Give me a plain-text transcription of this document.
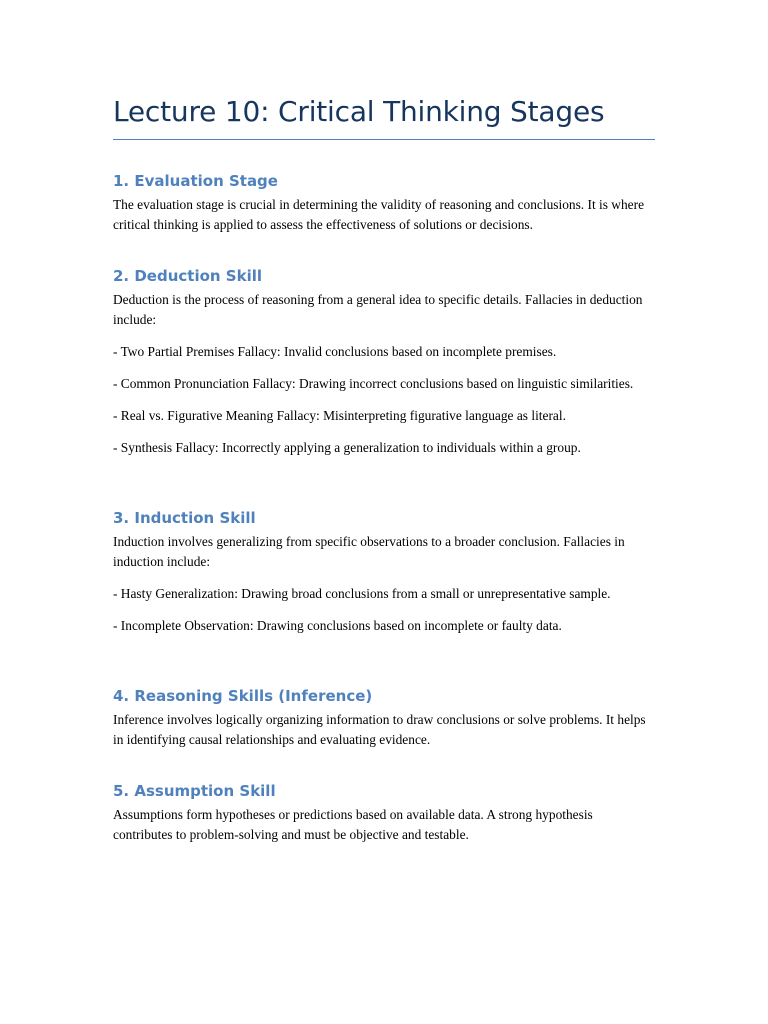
Lecture 10: Critical Thinking Stages
1. Evaluation Stage

The evaluation stage is crucial in determining the validity of reasoning and conclusions. It is where critical thinking is applied to assess the effectiveness of solutions or decisions.

2. Deduction Skill

Deduction is the process of reasoning from a general idea to specific details. Fallacies in deduction include:

- Two Partial Premises Fallacy: Invalid conclusions based on incomplete premises.

- Common Pronunciation Fallacy: Drawing incorrect conclusions based on linguistic similarities.

- Real vs. Figurative Meaning Fallacy: Misinterpreting figurative language as literal.

- Synthesis Fallacy: Incorrectly applying a generalization to individuals within a group.

3. Induction Skill

Induction involves generalizing from specific observations to a broader conclusion. Fallacies in induction include:

- Hasty Generalization: Drawing broad conclusions from a small or unrepresentative sample.

- Incomplete Observation: Drawing conclusions based on incomplete or faulty data.

4. Reasoning Skills (Inference)

Inference involves logically organizing information to draw conclusions or solve problems. It helps in identifying causal relationships and evaluating evidence.

5. Assumption Skill

Assumptions form hypotheses or predictions based on available data. A strong hypothesis contributes to problem-solving and must be objective and testable.
